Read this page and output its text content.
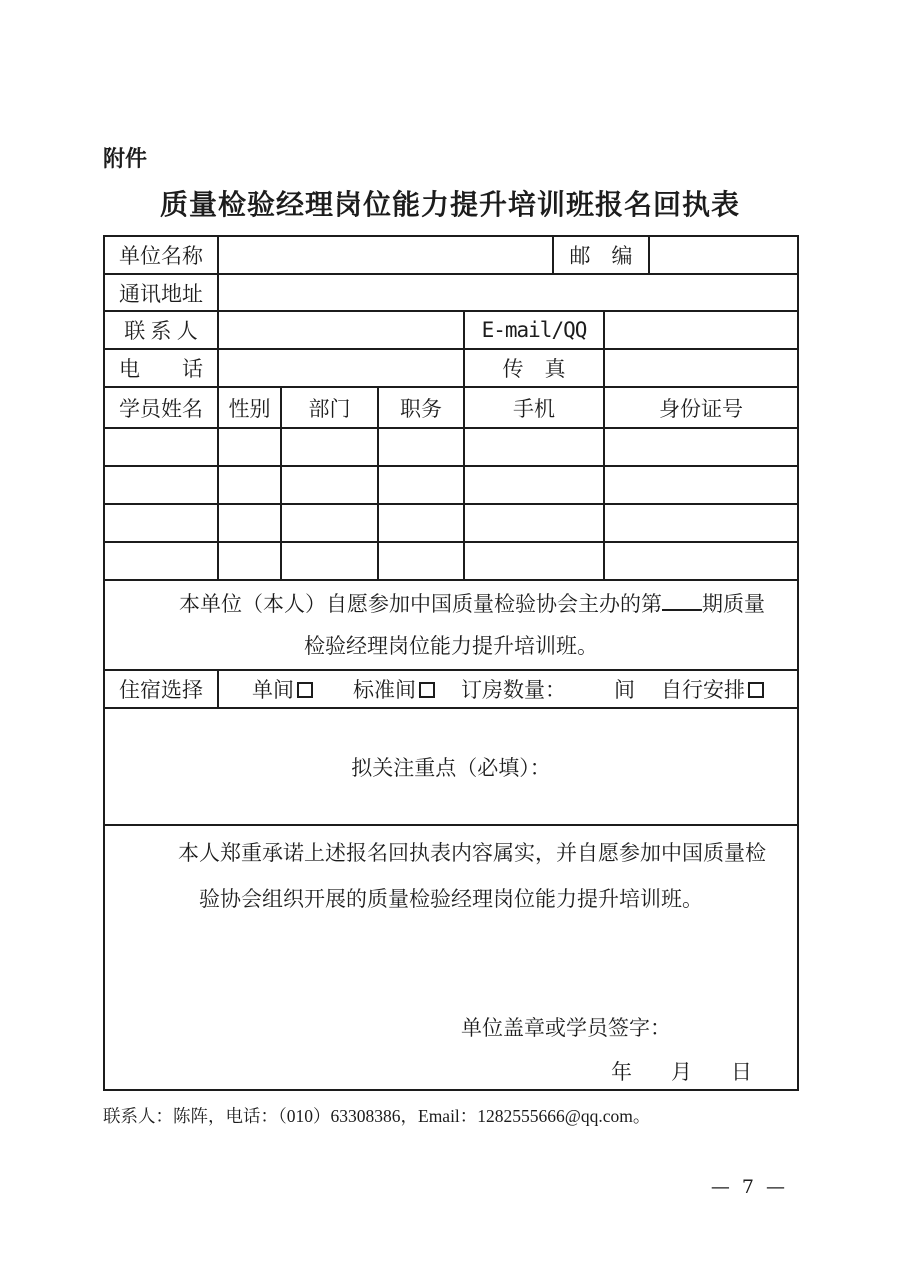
附件
质量检验经理岗位能力提升培训班报名回执表
单位名称					邮　编		
通讯地址							
联 系 人				E-mail/QQ			
电　　话				传　真			
学员姓名	性别	部门	职务	手机		身份证号	

本单位（本人）自愿参加中国质量检验协会主办的第 期质量
检验经理岗位能力提升培训班。							

住宿选择	单间 标准间 订房数量： 间 自行安排						
拟关注重点（必填）：							

本人郑重承诺上述报名回执表内容属实，并自愿参加中国质量检
验协会组织开展的质量检验经理岗位能力提升培训班。
单位盖章或学员签字：
年 月 日							
联系人：陈阵，电话：（010）63308386，Email：1282555666@qq.com。
— 7 —
